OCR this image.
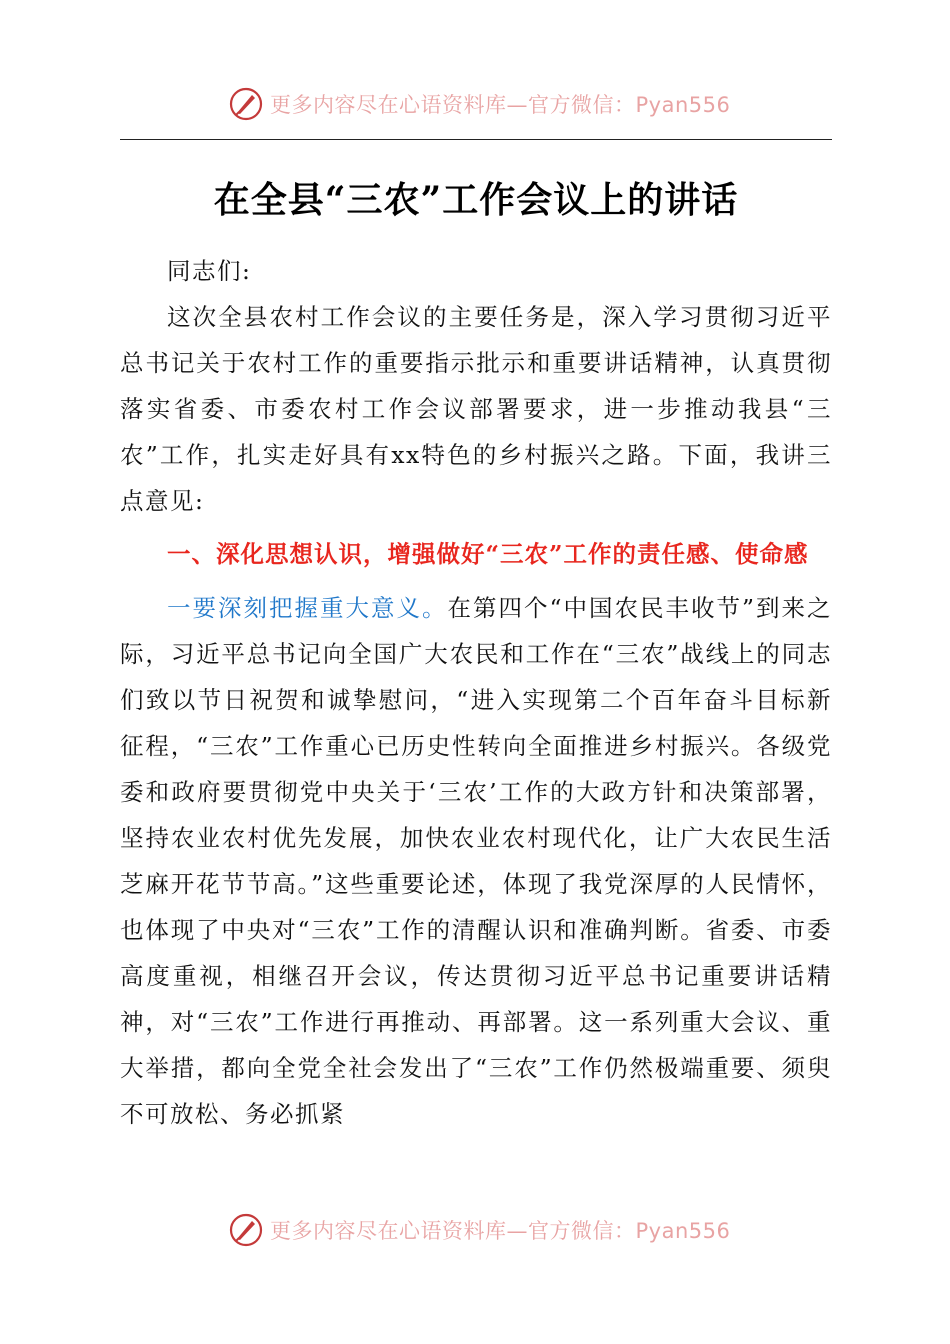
更多内容尽在心语资料库—官方微信：Pyan556
在全县“三农”工作会议上的讲话

同志们:

这次全县农村工作会议的主要任务是，深入学习贯彻习近平总书记关于农村工作的重要指示批示和重要讲话精神，认真贯彻落实省委、市委农村工作会议部署要求，进一步推动我县“三农”工作，扎实走好具有xx特色的乡村振兴之路。下面，我讲三点意见:

一、深化思想认识，增强做好“三农”工作的责任感、使命感

一要深刻把握重大意义。在第四个“中国农民丰收节”到来之际，习近平总书记向全国广大农民和工作在“三农”战线上的同志们致以节日祝贺和诚挚慰问，“进入实现第二个百年奋斗目标新征程，“三农”工作重心已历史性转向全面推进乡村振兴。各级党委和政府要贯彻党中央关于‘三农’工作的大政方针和决策部署，坚持农业农村优先发展，加快农业农村现代化，让广大农民生活芝麻开花节节高。”这些重要论述，体现了我党深厚的人民情怀，也体现了中央对“三农”工作的清醒认识和准确判断。省委、市委高度重视，相继召开会议，传达贯彻习近平总书记重要讲话精神，对“三农”工作进行再推动、再部署。这一系列重大会议、重大举措，都向全党全社会发出了“三农”工作仍然极端重要、须臾不可放松、务必抓紧

更多内容尽在心语资料库—官方微信：Pyan556
